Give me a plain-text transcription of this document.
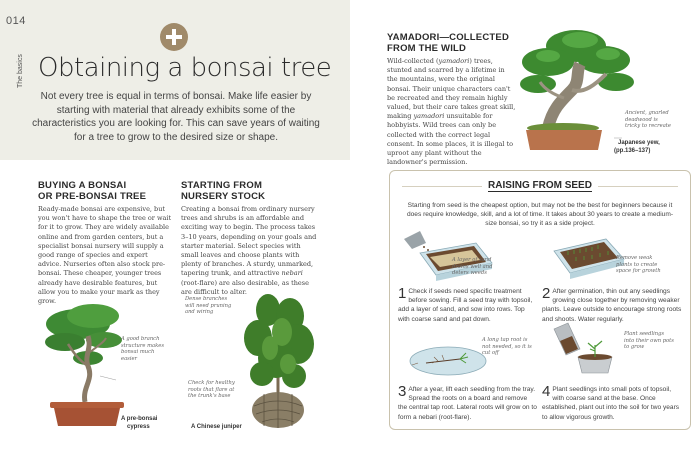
014
The basics Obtaining a bonsai tree
Not every tree is equal in terms of bonsai. Make life easier by starting with material that already exhibits some of the characteristics you are looking for. This can save years of waiting for a tree to grow to the desired size or shape.
BUYING A BONSAI
OR PRE-BONSAI TREE
Ready-made bonsai are expensive, but you won't have to shape the tree or wait for it to grow. They are widely available online and from garden centers, but a specialist bonsai nursery will supply a good range of species and expert advice. Nurseries often also stock pre-bonsai. These cheaper, younger trees already have desirable features, but allow you to make your mark as they grow.
A good branch structure makes bonsai much easier
A pre-bonsai
cypress
STARTING FROM
NURSERY STOCK
Creating a bonsai from ordinary nursery trees and shrubs is an affordable and exciting way to begin. The process takes 3–10 years, depending on your goals and starter material. Select species with small leaves and choose plants with plenty of branches. A sturdy, unmarked, tapering trunk, and attractive nebari (root-flare) are also desirable, as these are difficult to alter.
Dense branches will need pruning and wiring
Check for healthy roots that flare at the trunk's base
A Chinese juniper
YAMADORI—COLLECTED
FROM THE WILD
Wild-collected (yamadori) trees, stunted and scarred by a lifetime in the mountains, were the original bonsai. Their unique characters can't be recreated and they remain highly valued, but their care takes great skill, making yamadori unsuitable for hobbyists. Wild trees can only be collected with the correct legal consent. In some places, it is illegal to uproot any plant without the landowner's permission.
Ancient, gnarled deadwood is tricky to recreate
Japanese yew,
(pp.136–137)
RAISING FROM SEED
Starting from seed is the cheapest option, but may not be the best for beginners because it does require knowledge, skill, and a lot of time. It takes about 30 years to create a medium-size bonsai, so try it as a side project.
A layer of sand drains well and deters weeds
Remove weak plants to create space for growth
1 Check if seeds need specific treatment before sowing. Fill a seed tray with topsoil, add a layer of sand, and sow into rows. Top with coarse sand and pat down.
2 After germination, thin out any seedlings growing close together by removing weaker plants. Leave outside to encourage strong roots and shoots. Water regularly.
A long tap root is not needed, so it is cut off
Plant seedlings into their own pots to grow
3 After a year, lift each seedling from the tray. Spread the roots on a board and remove the central tap root. Lateral roots will grow on to form a nebari (root-flare).
4 Plant seedlings into small pots of topsoil, with coarse sand at the base. Once established, plant out into the soil for two years to allow vigorous growth.
